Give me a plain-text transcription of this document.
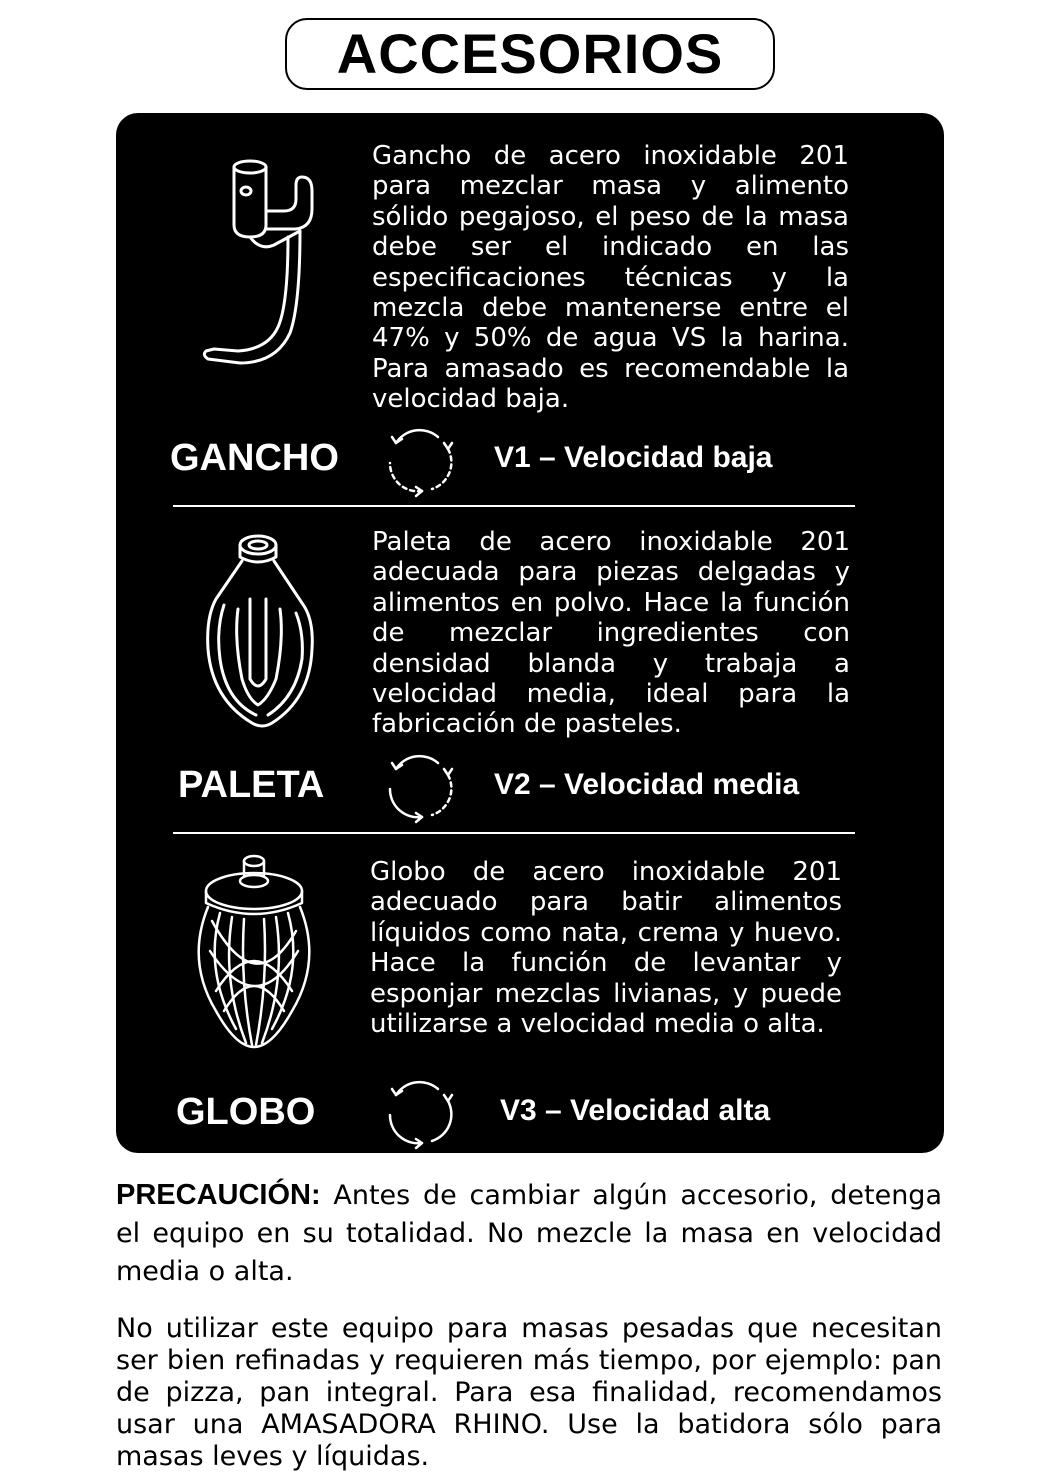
ACCESORIOS

Gancho de acero inoxidable 201 para mezclar masa y alimento sólido pegajoso, el peso de la masa debe ser el indicado en las especificaciones técnicas y la mezcla debe mantenerse entre el 47% y 50% de agua VS la harina. Para amasado es recomendable la velocidad baja.

GANCHO	V1 – Velocidad baja

Paleta de acero inoxidable 201 adecuada para piezas delgadas y alimentos en polvo. Hace la función de mezclar ingredientes con densidad blanda y trabaja a velocidad media, ideal para la fabricación de pasteles.

PALETA	V2 – Velocidad media

Globo de acero inoxidable 201 adecuado para batir alimentos líquidos como nata, crema y huevo. Hace la función de levantar y esponjar mezclas livianas, y puede utilizarse a velocidad media o alta.

GLOBO	V3 – Velocidad alta

PRECAUCIÓN: Antes de cambiar algún accesorio, detenga el equipo en su totalidad. No mezcle la masa en velocidad media o alta.

No utilizar este equipo para masas pesadas que necesitan ser bien refinadas y requieren más tiempo, por ejemplo: pan de pizza, pan integral. Para esa finalidad, recomendamos usar una AMASADORA RHINO. Use la batidora sólo para masas leves y líquidas.
